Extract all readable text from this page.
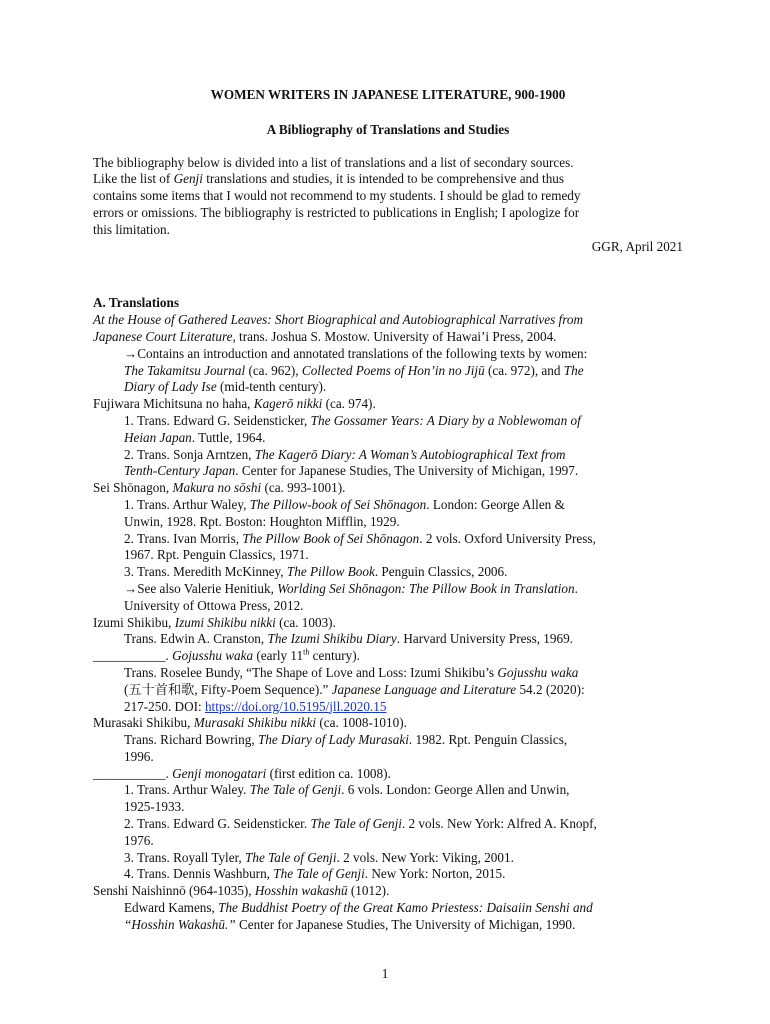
WOMEN WRITERS IN JAPANESE LITERATURE, 900-1900

A Bibliography of Translations and Studies

The bibliography below is divided into a list of translations and a list of secondary sources.
Like the list of Genji translations and studies, it is intended to be comprehensive and thus
contains some items that I would not recommend to my students. I should be glad to remedy
errors or omissions. The bibliography is restricted to publications in English; I apologize for
this limitation.
GGR, April 2021
A. Translations
At the House of Gathered Leaves: Short Biographical and Autobiographical Narratives from
Japanese Court Literature, trans. Joshua S. Mostow. University of Hawai’i Press, 2004.
→Contains an introduction and annotated translations of the following texts by women:
The Takamitsu Journal (ca. 962), Collected Poems of Hon’in no Jijū (ca. 972), and The
Diary of Lady Ise (mid-tenth century).
Fujiwara Michitsuna no haha, Kagerō nikki (ca. 974).
1. Trans. Edward G. Seidensticker, The Gossamer Years: A Diary by a Noblewoman of
Heian Japan. Tuttle, 1964.
2. Trans. Sonja Arntzen, The Kagerō Diary: A Woman’s Autobiographical Text from
Tenth-Century Japan. Center for Japanese Studies, The University of Michigan, 1997.
Sei Shōnagon, Makura no sōshi (ca. 993-1001).
1. Trans. Arthur Waley, The Pillow-book of Sei Shōnagon. London: George Allen &
Unwin, 1928. Rpt. Boston: Houghton Mifflin, 1929.
2. Trans. Ivan Morris, The Pillow Book of Sei Shōnagon. 2 vols. Oxford University Press,
1967. Rpt. Penguin Classics, 1971.
3. Trans. Meredith McKinney, The Pillow Book. Penguin Classics, 2006.
→See also Valerie Henitiuk, Worlding Sei Shōnagon: The Pillow Book in Translation.
University of Ottowa Press, 2012.
Izumi Shikibu, Izumi Shikibu nikki (ca. 1003).
Trans. Edwin A. Cranston, The Izumi Shikibu Diary. Harvard University Press, 1969.
___________. Gojusshu waka (early 11th century).
Trans. Roselee Bundy, “The Shape of Love and Loss: Izumi Shikibu’s Gojusshu waka
(五十首和歌, Fifty-Poem Sequence).” Japanese Language and Literature 54.2 (2020):
217-250. DOI: https://doi.org/10.5195/jll.2020.15
Murasaki Shikibu, Murasaki Shikibu nikki (ca. 1008-1010).
Trans. Richard Bowring, The Diary of Lady Murasaki. 1982. Rpt. Penguin Classics,
1996.
___________. Genji monogatari (first edition ca. 1008).
1. Trans. Arthur Waley. The Tale of Genji. 6 vols. London: George Allen and Unwin,
1925-1933.
2. Trans. Edward G. Seidensticker. The Tale of Genji. 2 vols. New York: Alfred A. Knopf,
1976.
3. Trans. Royall Tyler, The Tale of Genji. 2 vols. New York: Viking, 2001.
4. Trans. Dennis Washburn, The Tale of Genji. New York: Norton, 2015.
Senshi Naishinnō (964-1035), Hosshin wakashū (1012).
Edward Kamens, The Buddhist Poetry of the Great Kamo Priestess: Daisaiin Senshi and
“Hosshin Wakashū.” Center for Japanese Studies, The University of Michigan, 1990.
1
